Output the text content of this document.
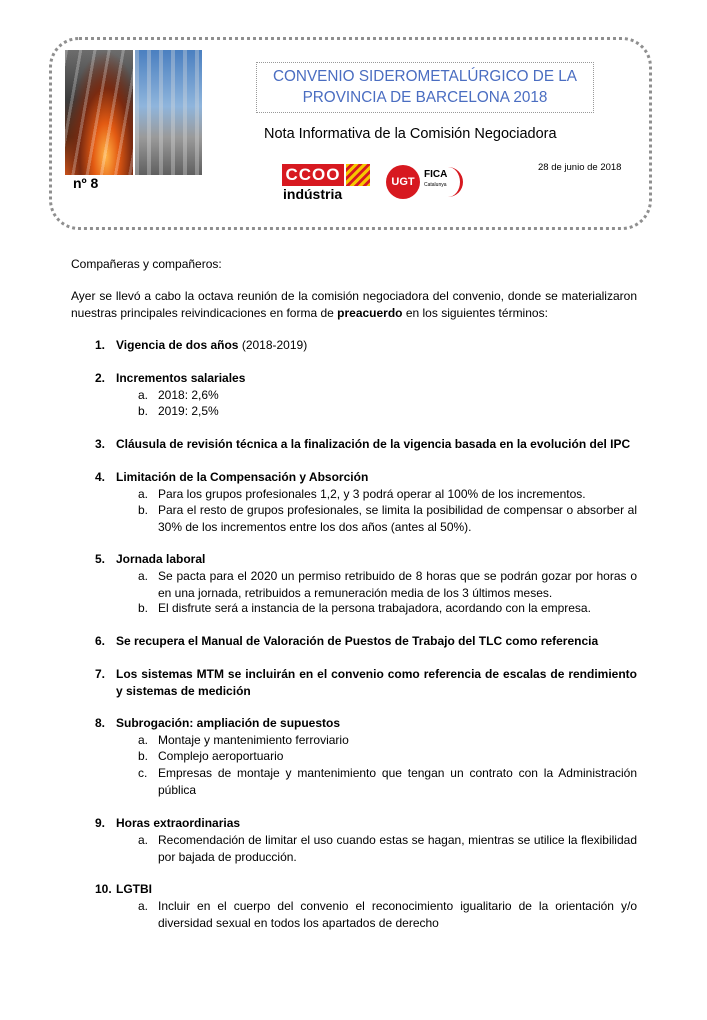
CONVENIO SIDEROMETALÚRGICO DE LA PROVINCIA DE BARCELONA 2018
Nota Informativa de la Comisión Negociadora
28 de junio de 2018
nº 8	CCOO
indústria
UGT
FICA
Catalunya
Compañeras y compañeros:
Ayer se llevó a cabo la octava reunión de la comisión negociadora del convenio, donde se materializaron nuestras principales reivindicaciones en forma de preacuerdo en los siguientes términos:
1. Vigencia de dos años (2018-2019)
2. Incrementos salariales
a. 2018: 2,6%
b. 2019: 2,5%
3. Cláusula de revisión técnica a la finalización de la vigencia basada en la evolución del IPC
4. Limitación de la Compensación y Absorción
a. Para los grupos profesionales 1,2, y 3 podrá operar al 100% de los incrementos.
b. Para el resto de grupos profesionales, se limita la posibilidad de compensar o absorber al 30% de los incrementos entre los dos años (antes al 50%).
5. Jornada laboral
a. Se pacta para el 2020 un permiso retribuido de 8 horas que se podrán gozar por horas o en una jornada, retribuidos a remuneración media de los 3 últimos meses.
b. El disfrute será a instancia de la persona trabajadora, acordando con la empresa.
6. Se recupera el Manual de Valoración de Puestos de Trabajo del TLC como referencia
7. Los sistemas MTM se incluirán en el convenio como referencia de escalas de rendimiento y sistemas de medición
8. Subrogación: ampliación de supuestos
a. Montaje y mantenimiento ferroviario
b. Complejo aeroportuario
c. Empresas de montaje y mantenimiento que tengan un contrato con la Administración pública
9. Horas extraordinarias
a. Recomendación de limitar el uso cuando estas se hagan, mientras se utilice la flexibilidad por bajada de producción.
10. LGTBI
a. Incluir en el cuerpo del convenio el reconocimiento igualitario de la orientación y/o diversidad sexual en todos los apartados de derecho
